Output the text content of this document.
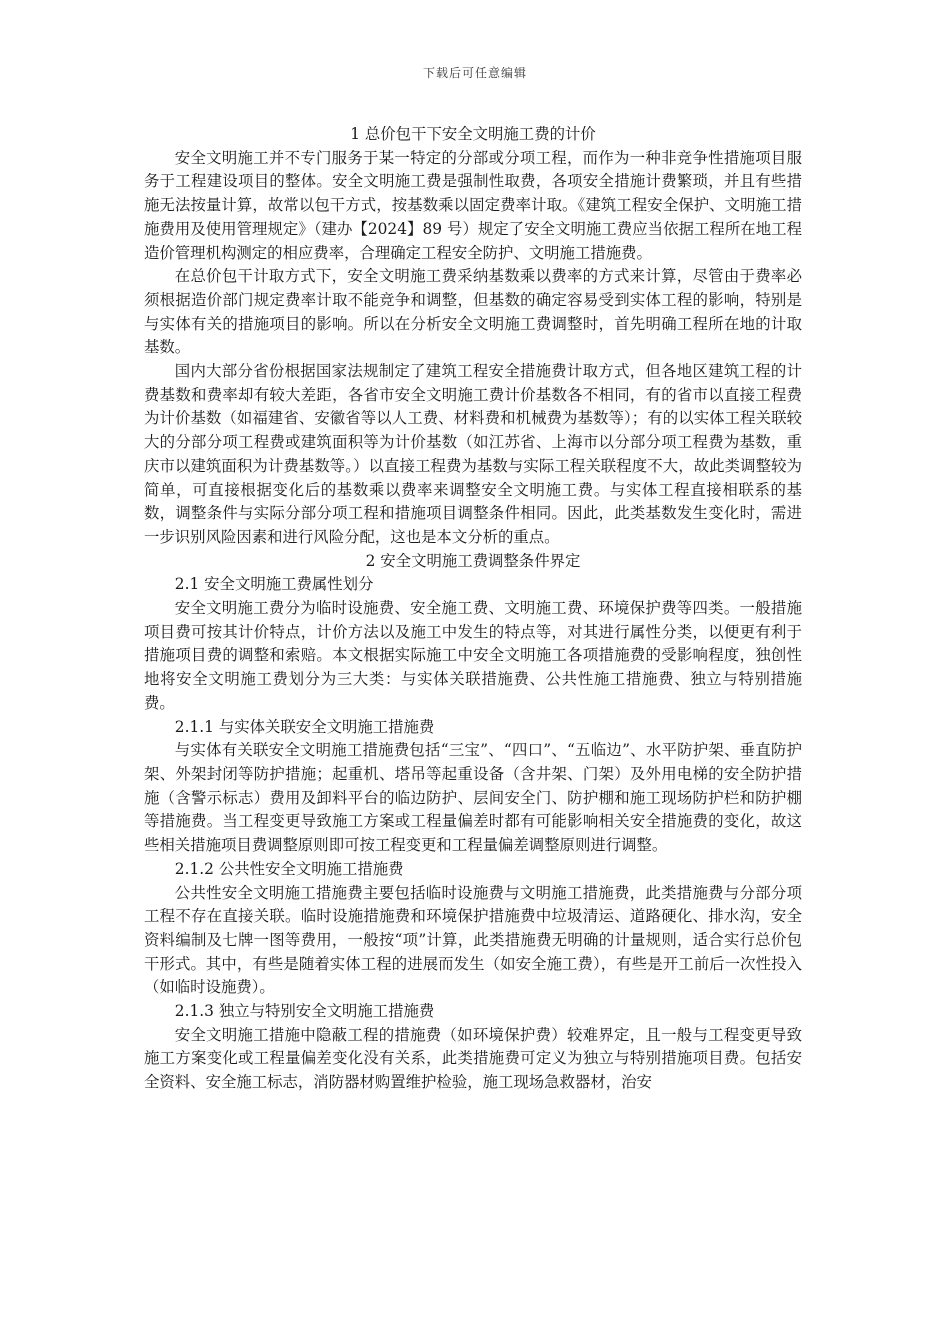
下载后可任意编辑
1 总价包干下安全文明施工费的计价

安全文明施工并不专门服务于某一特定的分部或分项工程，而作为一种非竞争性措施项目服务于工程建设项目的整体。安全文明施工费是强制性取费，各项安全措施计费繁琐，并且有些措施无法按量计算，故常以包干方式，按基数乘以固定费率计取。《建筑工程安全保护、文明施工措施费用及使用管理规定》（建办【2024】89 号）规定了安全文明施工费应当依据工程所在地工程造价管理机构测定的相应费率，合理确定工程安全防护、文明施工措施费。

在总价包干计取方式下，安全文明施工费采纳基数乘以费率的方式来计算，尽管由于费率必须根据造价部门规定费率计取不能竞争和调整，但基数的确定容易受到实体工程的影响，特别是与实体有关的措施项目的影响。所以在分析安全文明施工费调整时，首先明确工程所在地的计取基数。

国内大部分省份根据国家法规制定了建筑工程安全措施费计取方式，但各地区建筑工程的计费基数和费率却有较大差距，各省市安全文明施工费计价基数各不相同，有的省市以直接工程费为计价基数（如福建省、安徽省等以人工费、材料费和机械费为基数等）；有的以实体工程关联较大的分部分项工程费或建筑面积等为计价基数（如江苏省、上海市以分部分项工程费为基数，重庆市以建筑面积为计费基数等。）以直接工程费为基数与实际工程关联程度不大，故此类调整较为简单，可直接根据变化后的基数乘以费率来调整安全文明施工费。与实体工程直接相联系的基数，调整条件与实际分部分项工程和措施项目调整条件相同。因此，此类基数发生变化时，需进一步识别风险因素和进行风险分配，这也是本文分析的重点。

2 安全文明施工费调整条件界定
2.1 安全文明施工费属性划分

安全文明施工费分为临时设施费、安全施工费、文明施工费、环境保护费等四类。一般措施项目费可按其计价特点，计价方法以及施工中发生的特点等，对其进行属性分类，以便更有利于措施项目费的调整和索赔。本文根据实际施工中安全文明施工各项措施费的受影响程度，独创性地将安全文明施工费划分为三大类：与实体关联措施费、公共性施工措施费、独立与特别措施费。

2.1.1 与实体关联安全文明施工措施费

与实体有关联安全文明施工措施费包括“三宝”、“四口”、“五临边”、水平防护架、垂直防护架、外架封闭等防护措施；起重机、塔吊等起重设备（含井架、门架）及外用电梯的安全防护措施（含警示标志）费用及卸料平台的临边防护、层间安全门、防护棚和施工现场防护栏和防护棚等措施费。当工程变更导致施工方案或工程量偏差时都有可能影响相关安全措施费的变化，故这些相关措施项目费调整原则即可按工程变更和工程量偏差调整原则进行调整。

2.1.2 公共性安全文明施工措施费

公共性安全文明施工措施费主要包括临时设施费与文明施工措施费，此类措施费与分部分项工程不存在直接关联。临时设施措施费和环境保护措施费中垃圾清运、道路硬化、排水沟，安全资料编制及七牌一图等费用，一般按“项”计算，此类措施费无明确的计量规则，适合实行总价包干形式。其中，有些是随着实体工程的进展而发生（如安全施工费），有些是开工前后一次性投入（如临时设施费）。

2.1.3 独立与特别安全文明施工措施费

安全文明施工措施中隐蔽工程的措施费（如环境保护费）较难界定，且一般与工程变更导致施工方案变化或工程量偏差变化没有关系，此类措施费可定义为独立与特别措施项目费。包括安全资料、安全施工标志，消防器材购置维护检验，施工现场急救器材，治安
